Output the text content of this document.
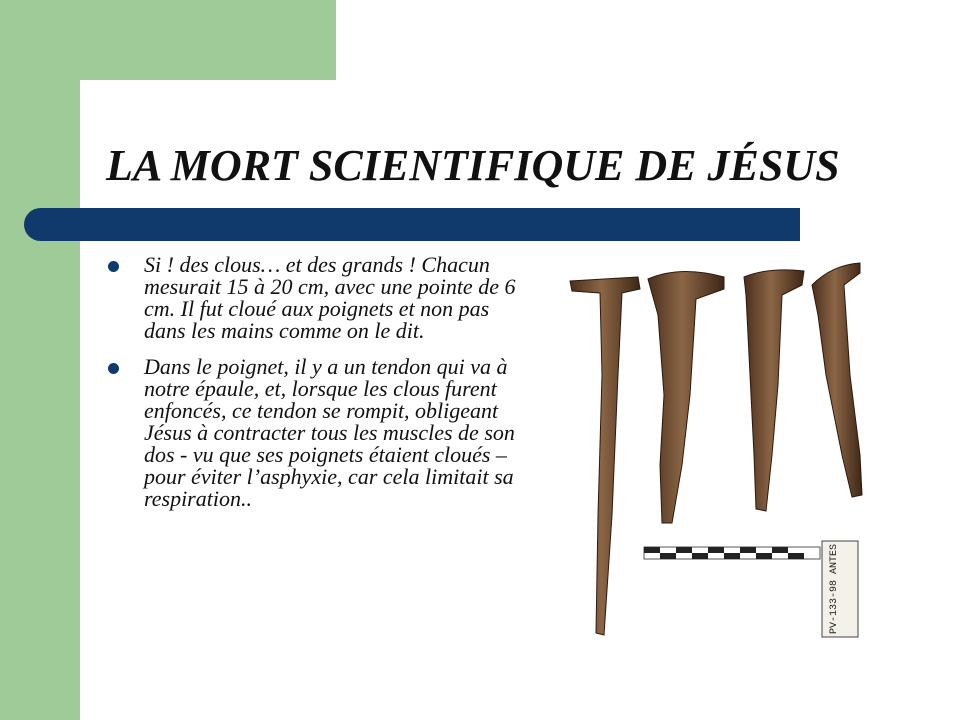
LA MORT SCIENTIFIQUE DE JÉSUS
Si ! des clous… et des grands ! Chacun mesurait 15 à 20 cm, avec une pointe de 6 cm. Il fut cloué aux poignets et non pas dans les mains comme on le dit.
Dans le poignet, il y a un tendon qui va à notre épaule, et, lorsque les clous furent enfoncés, ce tendon se rompit, obligeant Jésus à contracter tous les muscles de son dos - vu que ses poignets étaient cloués – pour éviter l’asphyxie, car cela limitait sa respiration..
PV-133-98 ANTES
